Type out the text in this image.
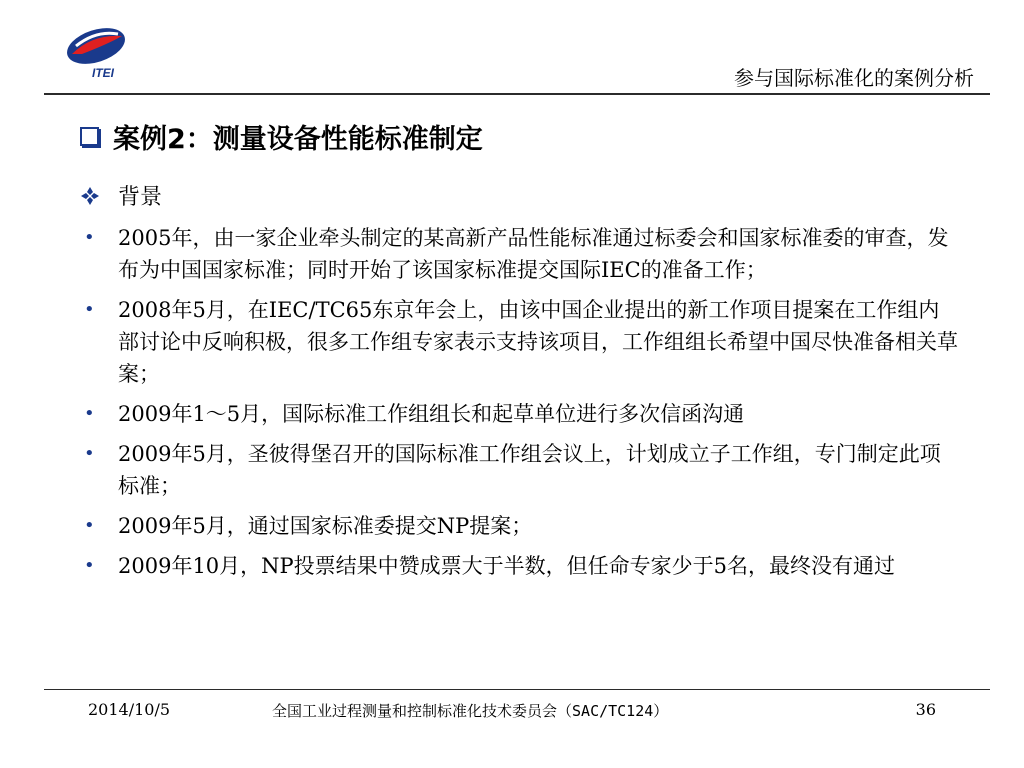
ITEI	参与国际标准化的案例分析
案例2：测量设备性能标准制定
背景
• 2005年，由一家企业牵头制定的某高新产品性能标准通过标委会和国家标准委的审查，发布为中国国家标准；同时开始了该国家标准提交国际IEC的准备工作；
• 2008年5月，在IEC/TC65东京年会上，由该中国企业提出的新工作项目提案在工作组内部讨论中反响积极，很多工作组专家表示支持该项目，工作组组长希望中国尽快准备相关草案；
• 2009年1～5月，国际标准工作组组长和起草单位进行多次信函沟通
• 2009年5月，圣彼得堡召开的国际标准工作组会议上，计划成立子工作组，专门制定此项标准；
• 2009年5月，通过国家标准委提交NP提案；
• 2009年10月，NP投票结果中赞成票大于半数，但任命专家少于5名，最终没有通过
2014/10/5	全国工业过程测量和控制标准化技术委员会（SAC/TC124）	36
